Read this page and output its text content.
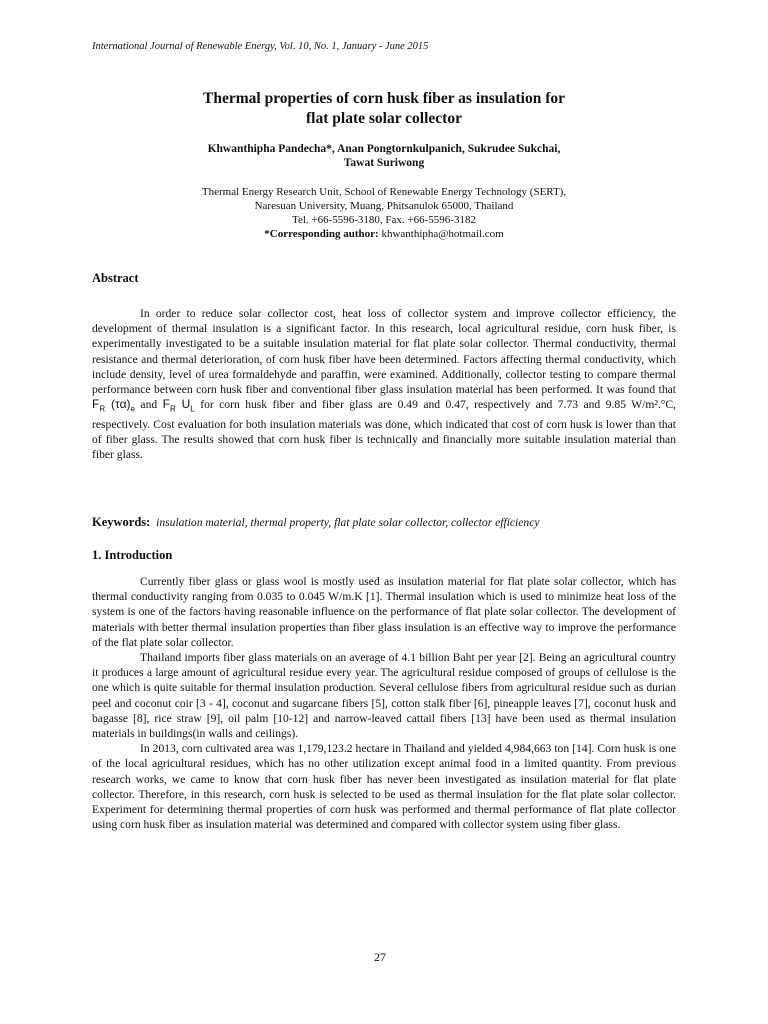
International Journal of Renewable Energy, Vol. 10, No. 1, January - June 2015
Thermal properties of corn husk fiber as insulation for
flat plate solar collector
Khwanthipha Pandecha*, Anan Pongtornkulpanich, Sukrudee Sukchai,
Tawat Suriwong
Thermal Energy Research Unit, School of Renewable Energy Technology (SERT),
Naresuan University, Muang, Phitsanulok 65000, Thailand
Tel. +66-5596-3180, Fax. +66-5596-3182
*Corresponding author: khwanthipha@hotmail.com
Abstract

In order to reduce solar collector cost, heat loss of collector system and improve collector efficiency, the development of thermal insulation is a significant factor. In this research, local agricultural residue, corn husk fiber, is experimentally investigated to be a suitable insulation material for flat plate solar collector. Thermal conductivity, thermal resistance and thermal deterioration, of corn husk fiber have been determined. Factors affecting thermal conductivity, which include density, level of urea formaldehyde and paraffin, were examined. Additionally, collector testing to compare thermal performance between corn husk fiber and conventional fiber glass insulation material has been performed. It was found that $F_R$ $(\tau\alpha)_e$ and $F_R$ $U_L$ for corn husk fiber and fiber glass are 0.49 and 0.47, respectively and 7.73 and 9.85 W/m².°C, respectively. Cost evaluation for both insulation materials was done, which indicated that cost of corn husk is lower than that of fiber glass. The results showed that corn husk fiber is technically and financially more suitable insulation material than fiber glass.

Keywords: insulation material, thermal property, flat plate solar collector, collector efficiency
1. Introduction

Currently fiber glass or glass wool is mostly used as insulation material for flat plate solar collector, which has thermal conductivity ranging from 0.035 to 0.045 W/m.K [1]. Thermal insulation which is used to minimize heat loss of the system is one of the factors having reasonable influence on the performance of flat plate solar collector. The development of materials with better thermal insulation properties than fiber glass insulation is an effective way to improve the performance of the flat plate solar collector.

Thailand imports fiber glass materials on an average of 4.1 billion Baht per year [2]. Being an agricultural country it produces a large amount of agricultural residue every year. The agricultural residue composed of groups of cellulose is the one which is quite suitable for thermal insulation production. Several cellulose fibers from agricultural residue such as durian peel and coconut coir [3 - 4], coconut and sugarcane fibers [5], cotton stalk fiber [6], pineapple leaves [7], coconut husk and bagasse [8], rice straw [9], oil palm [10-12] and narrow-leaved cattail fibers [13] have been used as thermal insulation materials in buildings(in walls and ceilings).

In 2013, corn cultivated area was 1,179,123.2 hectare in Thailand and yielded 4,984,663 ton [14]. Corn husk is one of the local agricultural residues, which has no other utilization except animal food in a limited quantity. From previous research works, we came to know that corn husk fiber has never been investigated as insulation material for flat plate collector. Therefore, in this research, corn husk is selected to be used as thermal insulation for the flat plate solar collector. Experiment for determining thermal properties of corn husk was performed and thermal performance of flat plate collector using corn husk fiber as insulation material was determined and compared with collector system using fiber glass.

27
